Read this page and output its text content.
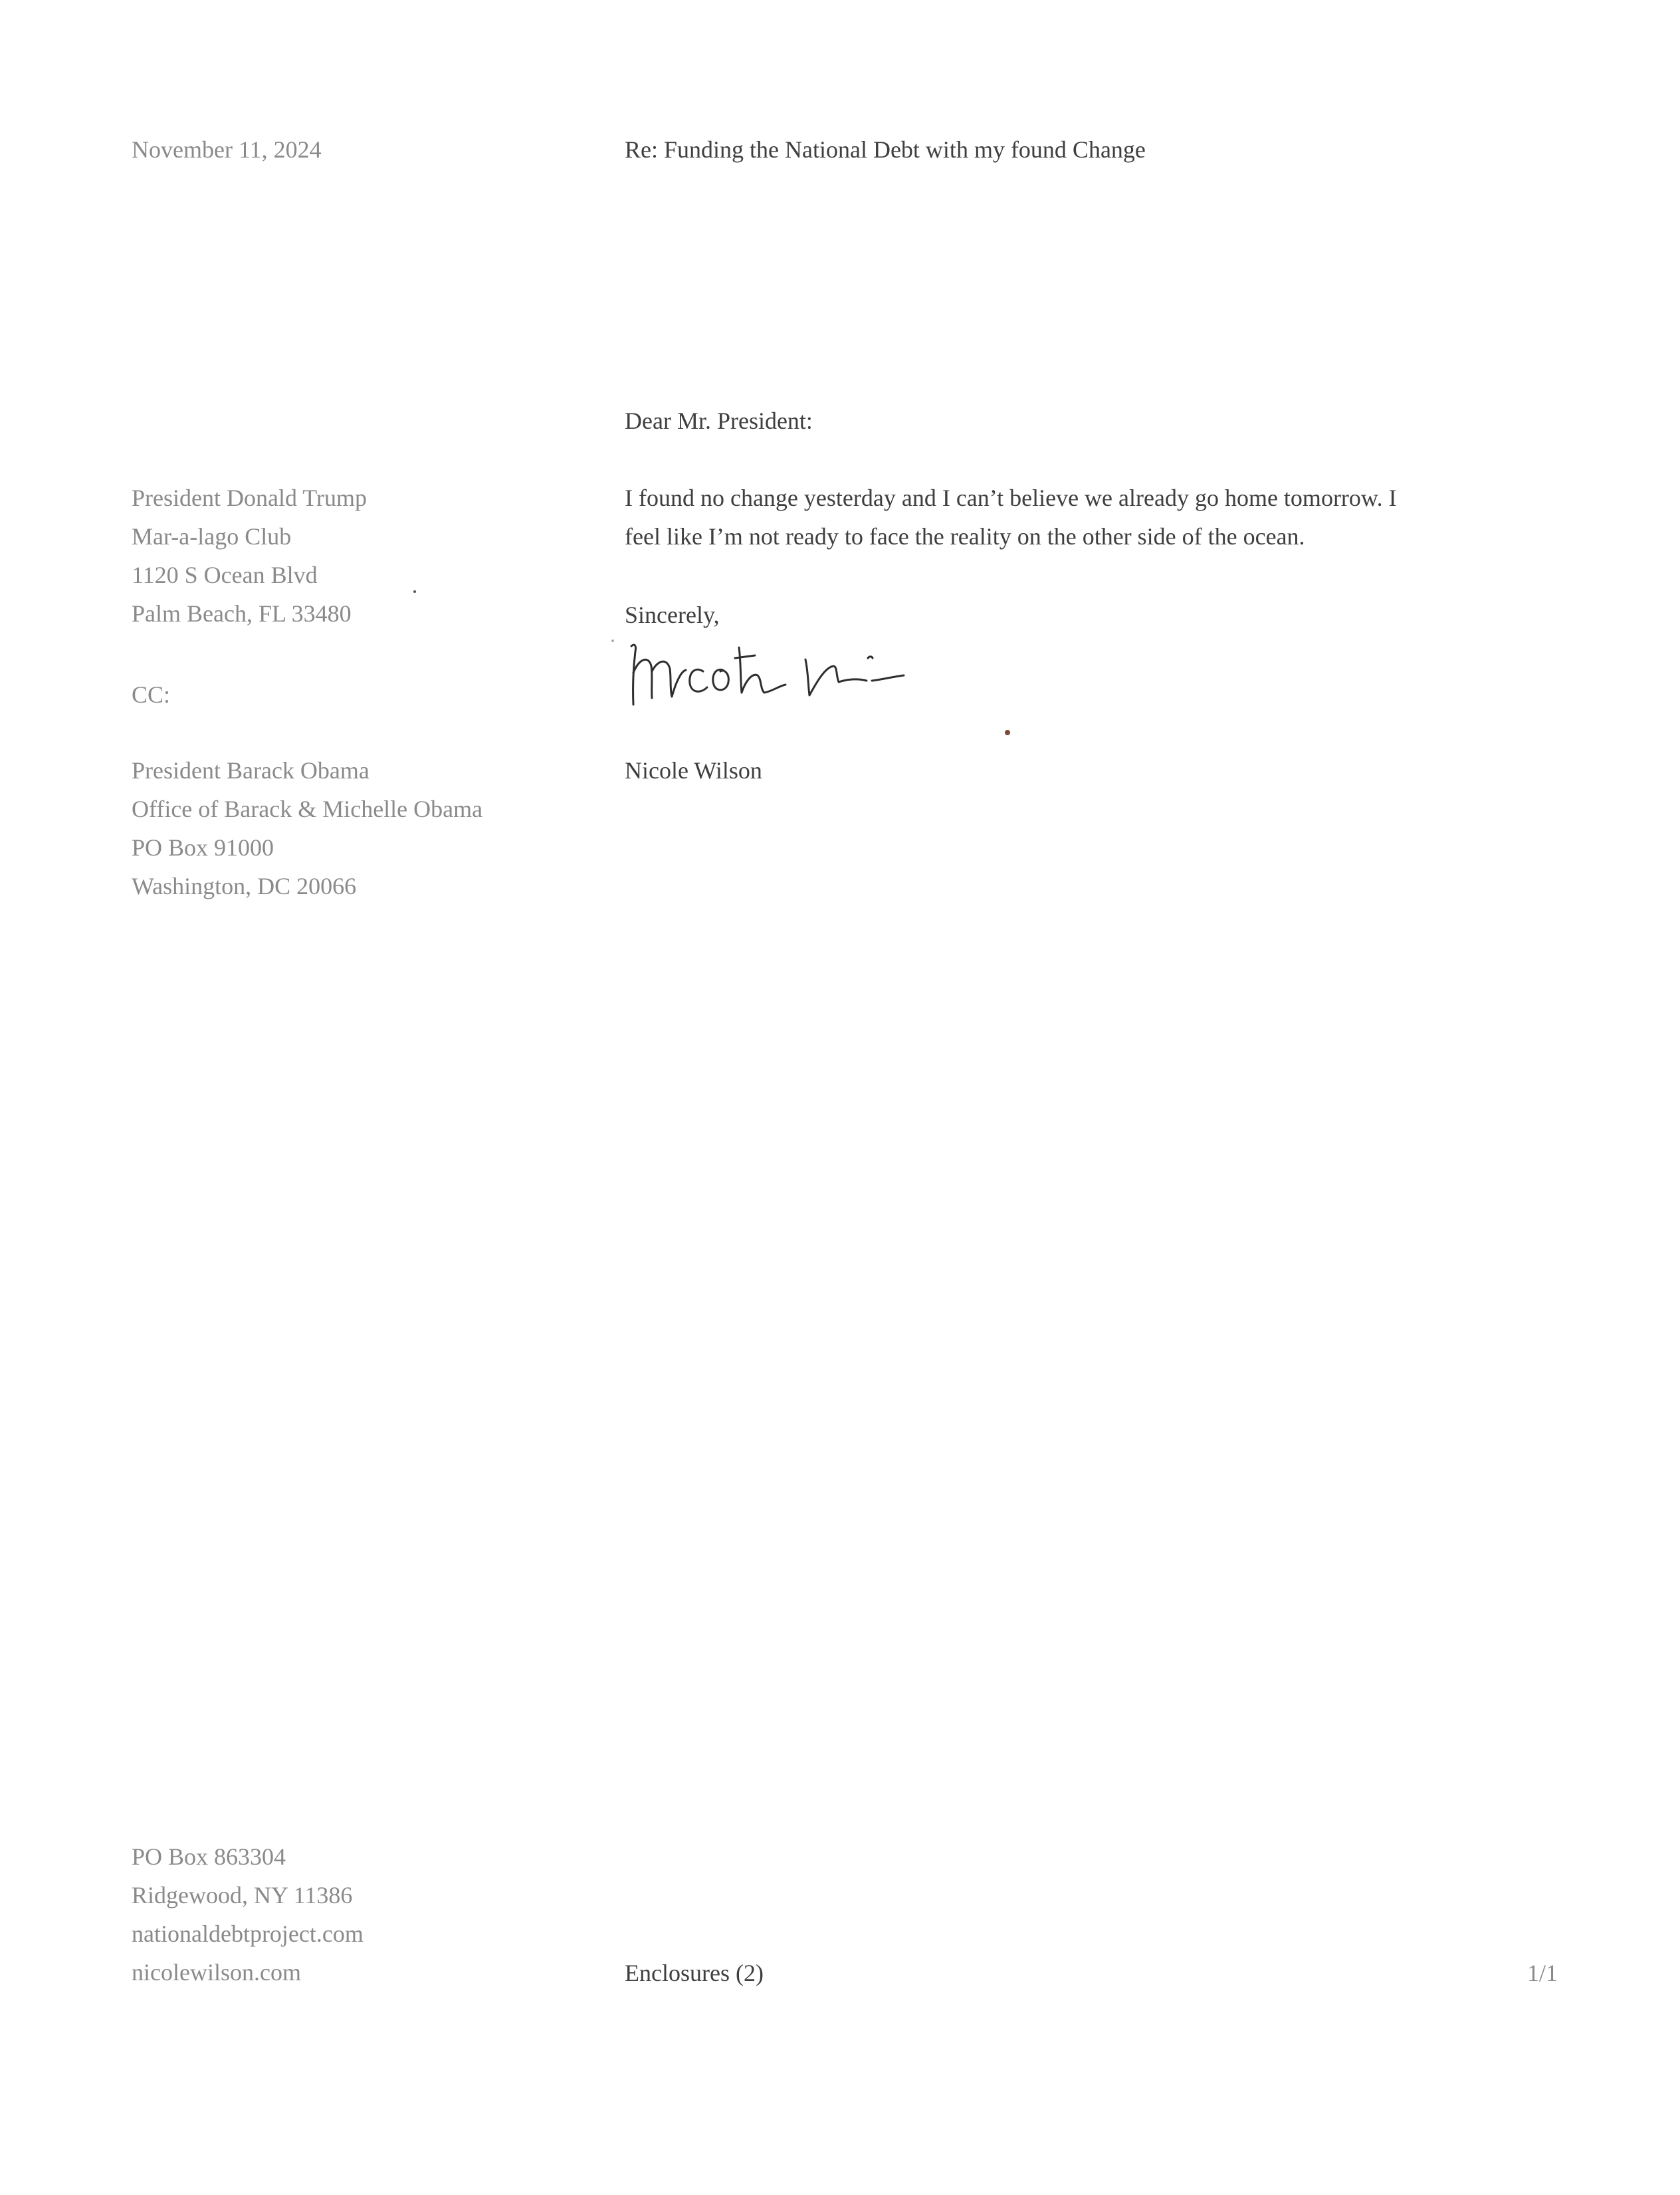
November 11, 2024	Re: Funding the National Debt with my found Change
Dear Mr. President:
President Donald Trump
Mar-a-lago Club
1120 S Ocean Blvd
Palm Beach, FL 33480
I found no change yesterday and I can’t believe we already go home tomorrow. I
feel like I’m not ready to face the reality on the other side of the ocean.
Sincerely,
CC:
Nicole Wilson
President Barack Obama
Office of Barack & Michelle Obama
PO Box 91000
Washington, DC 20066
PO Box 863304
Ridgewood, NY 11386
nationaldebtproject.com
nicolewilson.com	Enclosures (2)	1/1
